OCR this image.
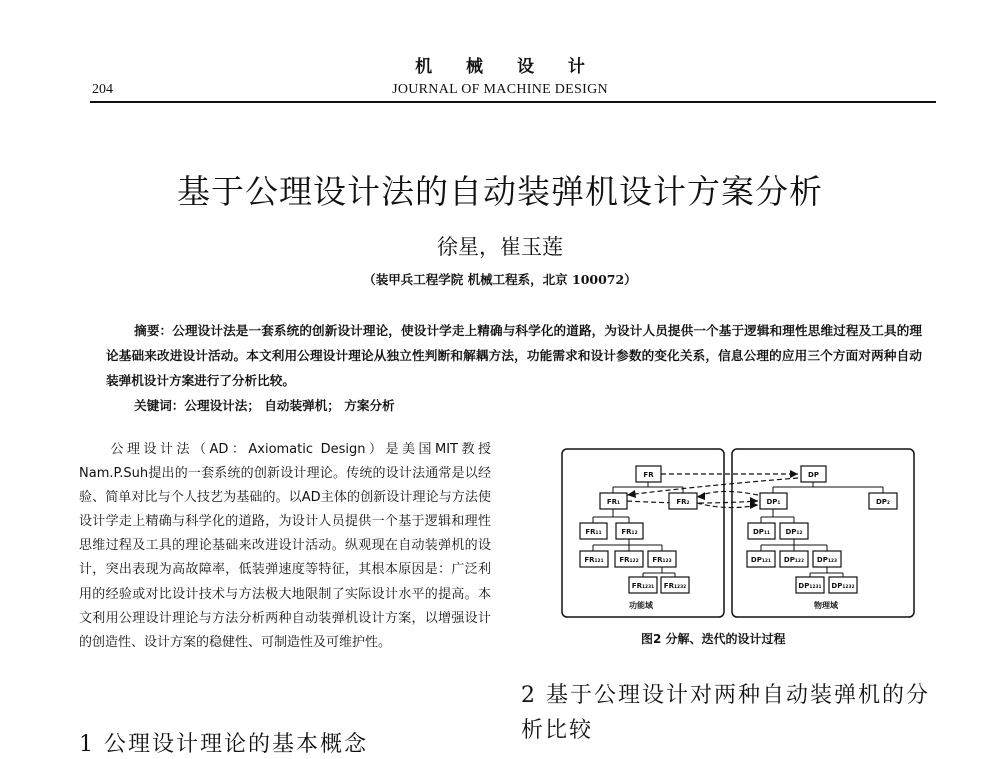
机 械 设 计
204	JOURNAL OF MACHINE DESIGN
基于公理设计法的自动装弹机设计方案分析
徐星，崔玉莲
（装甲兵工程学院 机械工程系，北京 100072）
摘要：公理设计法是一套系统的创新设计理论，使设计学走上精确与科学化的道路，为设计人员提供一个基于逻辑和理性思维过程及工具的理论基础来改进设计活动。本文利用公理设计理论从独立性判断和解耦方法，功能需求和设计参数的变化关系，信息公理的应用三个方面对两种自动装弹机设计方案进行了分析比较。
关键词：公理设计法； 自动装弹机； 方案分析
公理设计法（AD：Axiomatic Design）是美国MIT教授Nam.P.Suh提出的一套系统的创新设计理论。传统的设计法通常是以经验、简单对比与个人技艺为基础的。以AD主体的创新设计理论与方法使设计学走上精确与科学化的道路，为设计人员提供一个基于逻辑和理性思维过程及工具的理论基础来改进设计活动。纵观现在自动装弹机的设计，突出表现为高故障率，低装弹速度等特征，其根本原因是：广泛利用的经验或对比设计技术与方法极大地限制了实际设计水平的提高。本文利用公理设计理论与方法分析两种自动装弹机设计方案，以增强设计的创造性、设计方案的稳健性、可制造性及可维护性。
1 公理设计理论的基本概念
FR
FR₁	FR₂
FR₁₁	FR₁₂
FR₁₂₁ FR₁₂₂ FR₁₂₃
FR₁₂₃₁ FR₁₂₃₂
DP
DP₁	DP₂
DP₁₁ DP₁₂
DP₁₂₁ DP₁₂₂ DP₁₂₃
DP₁₂₃₁ DP₁₂₃₂
功能域	物理域
图2 分解、迭代的设计过程
2 基于公理设计对两种自动装弹机的分析比较
